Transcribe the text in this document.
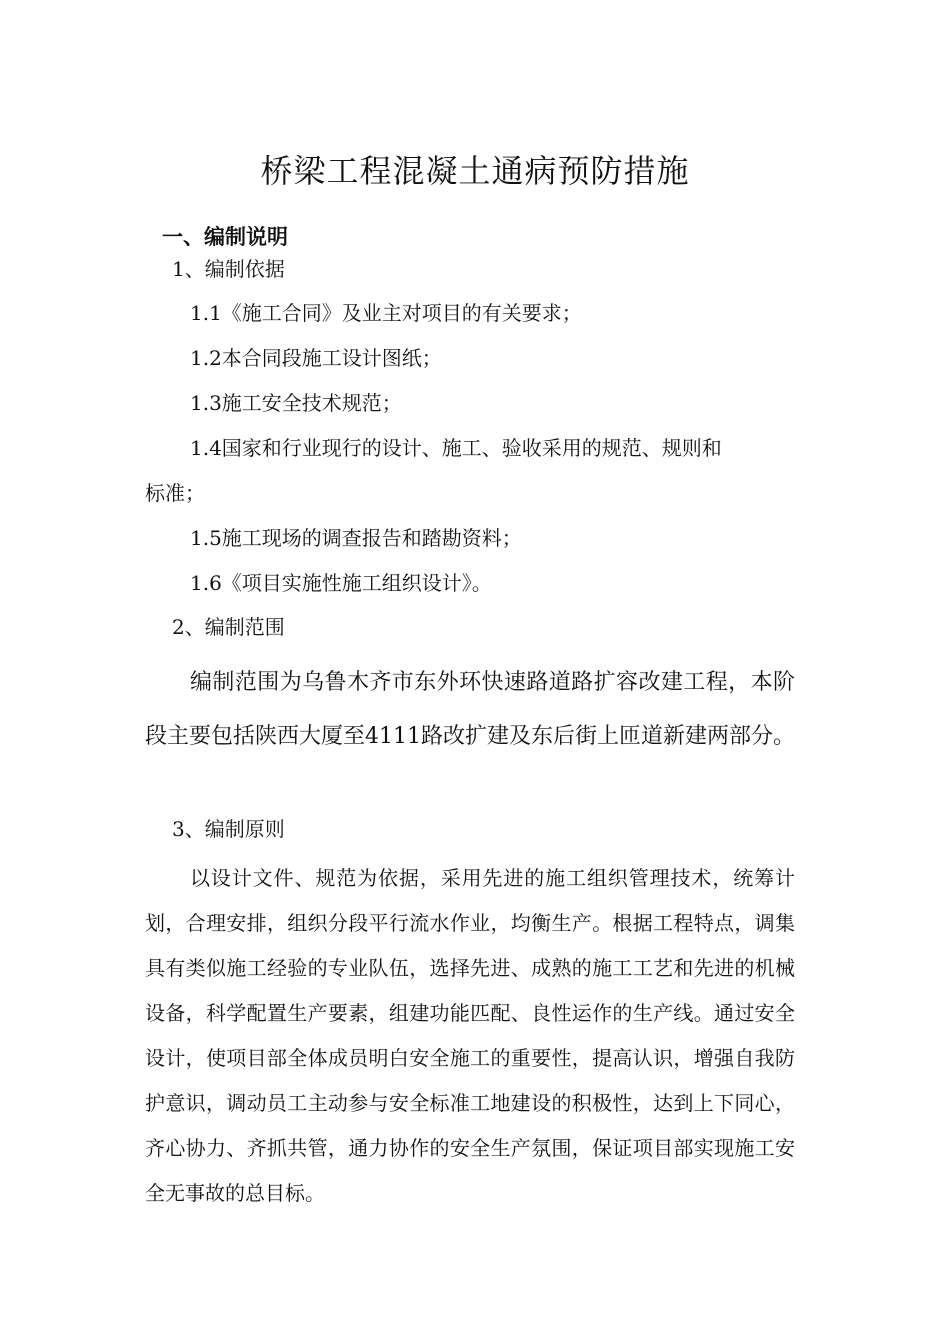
桥梁工程混凝土通病预防措施
一、编制说明
1、编制依据
1.1《施工合同》及业主对项目的有关要求；
1.2本合同段施工设计图纸；
1.3施工安全技术规范；
1.4国家和行业现行的设计、施工、验收采用的规范、规则和
标准；
1.5施工现场的调查报告和踏勘资料；
1.6《项目实施性施工组织设计》。
2、编制范围

编制范围为乌鲁木齐市东外环快速路道路扩容改建工程，本阶段主要包括陕西大厦至4111路改扩建及东后街上匝道新建两部分。

3、编制原则

以设计文件、规范为依据，采用先进的施工组织管理技术，统筹计划，合理安排，组织分段平行流水作业，均衡生产。根据工程特点，调集具有类似施工经验的专业队伍，选择先进、成熟的施工工艺和先进的机械设备，科学配置生产要素，组建功能匹配、良性运作的生产线。通过安全设计，使项目部全体成员明白安全施工的重要性，提高认识，增强自我防护意识，调动员工主动参与安全标准工地建设的积极性，达到上下同心，齐心协力、齐抓共管，通力协作的安全生产氛围，保证项目部实现施工安全无事故的总目标。
